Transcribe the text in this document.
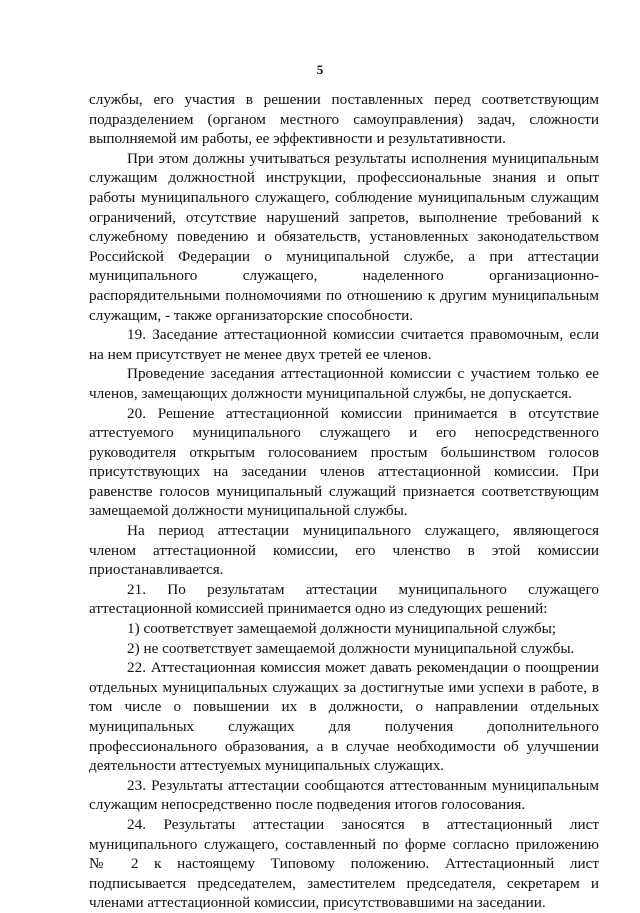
5

службы, его участия в решении поставленных перед соответствующим подразделением (органом местного самоуправления) задач, сложности выполняемой им работы, ее эффективности и результативности.

При этом должны учитываться результаты исполнения муниципальным служащим должностной инструкции, профессиональные знания и опыт работы муниципального служащего, соблюдение муниципальным служащим ограничений, отсутствие нарушений запретов, выполнение требований к служебному поведению и обязательств, установленных законодательством Российской Федерации о муниципальной службе, а при аттестации муниципального служащего, наделенного организационно-распорядительными полномочиями по отношению к другим муниципальным служащим, - также организаторские способности.

19. Заседание аттестационной комиссии считается правомочным, если на нем присутствует не менее двух третей ее членов.

Проведение заседания аттестационной комиссии с участием только ее членов, замещающих должности муниципальной службы, не допускается.

20. Решение аттестационной комиссии принимается в отсутствие аттестуемого муниципального служащего и его непосредственного руководителя открытым голосованием простым большинством голосов присутствующих на заседании членов аттестационной комиссии. При равенстве голосов муниципальный служащий признается соответствующим замещаемой должности муниципальной службы.

На период аттестации муниципального служащего, являющегося членом аттестационной комиссии, его членство в этой комиссии приостанавливается.

21. По результатам аттестации муниципального служащего аттестационной комиссией принимается одно из следующих решений:

1) соответствует замещаемой должности муниципальной службы;

2) не соответствует замещаемой должности муниципальной службы.

22. Аттестационная комиссия может давать рекомендации о поощрении отдельных муниципальных служащих за достигнутые ими успехи в работе, в том числе о повышении их в должности, о направлении отдельных муниципальных служащих для получения дополнительного профессионального образования, а в случае необходимости об улучшении деятельности аттестуемых муниципальных служащих.

23. Результаты аттестации сообщаются аттестованным муниципальным служащим непосредственно после подведения итогов голосования.

24. Результаты аттестации заносятся в аттестационный лист муниципального служащего, составленный по форме согласно приложению № 2 к настоящему Типовому положению. Аттестационный лист подписывается председателем, заместителем председателя, секретарем и членами аттестационной комиссии, присутствовавшими на заседании.
